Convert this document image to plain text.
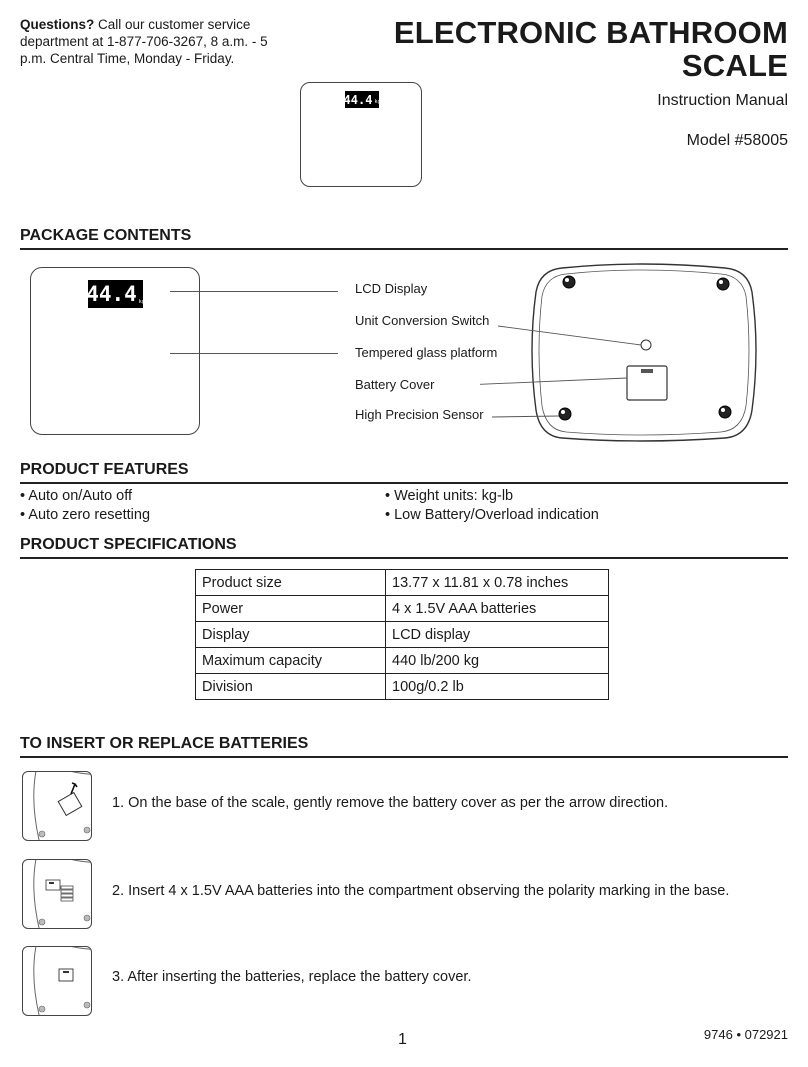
Questions? Call our customer service department at 1-877-706-3267, 8 a.m. - 5 p.m. Central Time, Monday - Friday.
ELECTRONIC BATHROOM SCALE
Instruction Manual
Model #58005
44.4 kg
PACKAGE CONTENTS
44.4 kg
LCD Display
Unit Conversion Switch
Tempered glass platform
Battery Cover
High Precision Sensor
PRODUCT FEATURES
• Auto on/Auto off
• Auto zero resetting
• Weight units: kg-lb
• Low Battery/Overload indication
PRODUCT SPECIFICATIONS
Product size	13.77 x 11.81 x 0.78 inches
Power	4 x 1.5V AAA batteries
Display	LCD display
Maximum capacity	440 lb/200 kg
Division	100g/0.2 lb
TO INSERT OR REPLACE BATTERIES
1. On the base of the scale, gently remove the battery cover as per the arrow direction.
2. Insert 4 x 1.5V AAA batteries into the compartment observing the polarity marking in the base.
3. After inserting the batteries, replace the battery cover.
1	9746 • 072921
